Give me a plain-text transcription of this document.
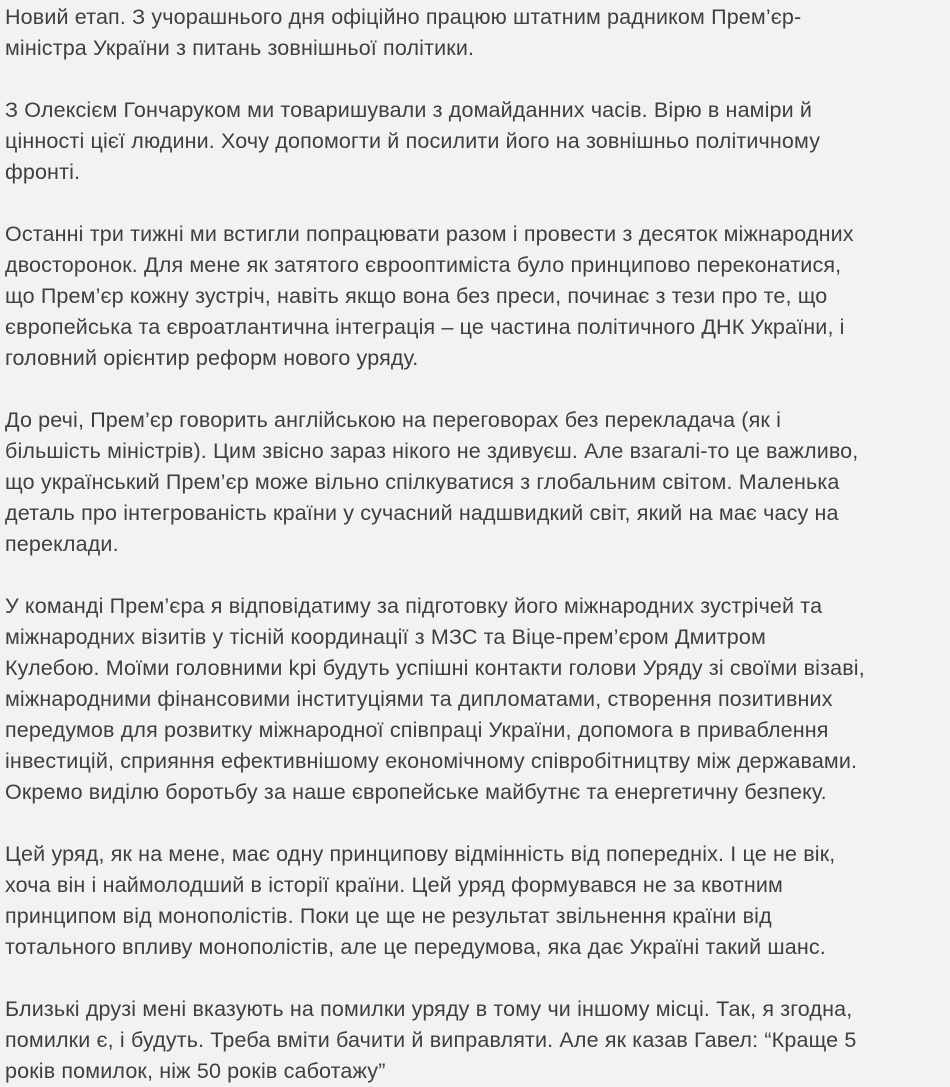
Новий етап. З учорашнього дня офіційно працюю штатним радником Прем’єр-
міністра України з питань зовнішньої політики.
З Олексієм Гончаруком ми товаришували з домайданних часів. Вірю в наміри й
цінності цієї людини. Хочу допомогти й посилити його на зовнішньо політичному
фронті.
Останні три тижні ми встигли попрацювати разом і провести з десяток міжнародних
двосторонок. Для мене як затятого єврооптиміста було принципово переконатися,
що Прем’єр кожну зустріч, навіть якщо вона без преси, починає з тези про те, що
європейська та євроатлантична інтеграція – це частина політичного ДНК України, і
головний орієнтир реформ нового уряду.
До речі, Прем’єр говорить англійською на переговорах без перекладача (як і
більшість міністрів). Цим звісно зараз нікого не здивуєш. Але взагалі-то це важливо,
що український Прем’єр може вільно спілкуватися з глобальним світом. Маленька
деталь про інтегрованість країни у сучасний надшвидкий світ, який на має часу на
переклади.
У команді Прем’єра я відповідатиму за підготовку його міжнародних зустрічей та
міжнародних візитів у тісній координації з МЗС та Віце-прем’єром Дмитром
Кулебою. Моїми головними kpi будуть успішні контакти голови Уряду зі своїми візаві,
міжнародними фінансовими інституціями та дипломатами, створення позитивних
передумов для розвитку міжнародної співпраці України, допомога в приваблення
інвестицій, сприяння ефективнішому економічному співробітництву між державами.
Окремо виділю боротьбу за наше європейське майбутнє та енергетичну безпеку.
Цей уряд, як на мене, має одну принципову відмінність від попередніх. І це не вік,
хоча він і наймолодший в історії країни. Цей уряд формувався не за квотним
принципом від монополістів. Поки це ще не результат звільнення країни від
тотального впливу монополістів, але це передумова, яка дає Україні такий шанс.
Близькі друзі мені вказують на помилки уряду в тому чи іншому місці. Так, я згодна,
помилки є, і будуть. Треба вміти бачити й виправляти. Але як казав Гавел: “Краще 5
років помилок, ніж 50 років саботажу”
